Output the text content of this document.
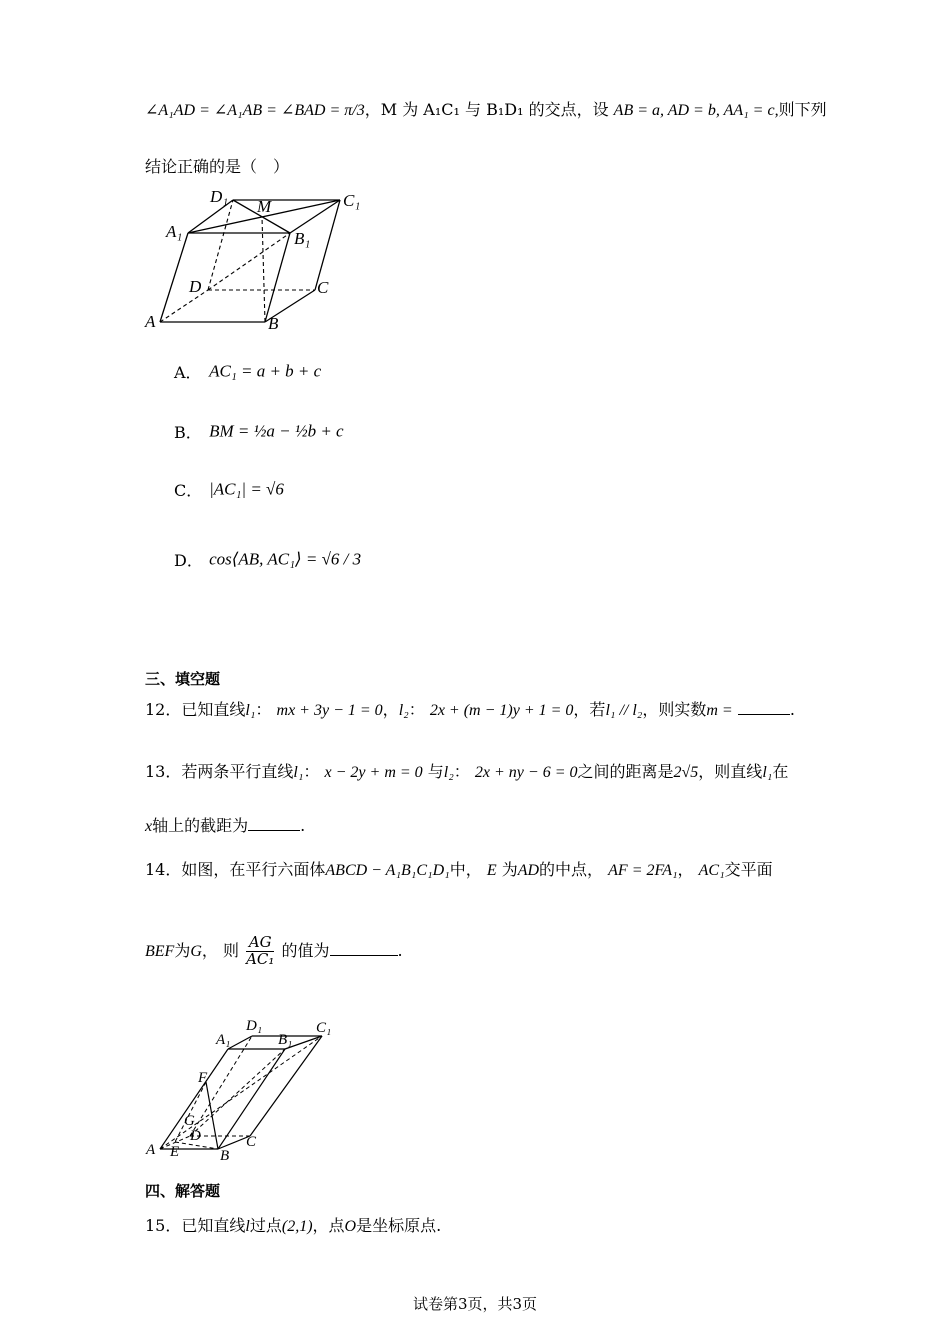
∠A₁AD = ∠A₁AB = ∠BAD = π/3，M 为 A₁C₁ 与 B₁D₁ 的交点，设 AB = a, AD = b, AA₁ = c,则下列
结论正确的是（　）
D₁
M	C₁
A₁	B₁
D	C
A	B
A． AC₁ = a + b + c
B． BM = ½a − ½b + c
C． |AC₁| = √6
D． cos⟨AB, AC₁⟩ = √6 / 3
三、填空题
12．已知直线l₁： mx + 3y − 1 = 0，l₂： 2x + (m − 1)y + 1 = 0，若l₁ // l₂，则实数m =	.
13．若两条平行直线l₁： x − 2y + m = 0 与l₂： 2x + ny − 6 = 0之间的距离是2√5，则直线l₁在
x轴上的截距为	.
14．如图，在平行六面体ABCD − A₁B₁C₁D₁中， E 为AD的中点， AF = 2FA₁， AC₁交平面
BEF为G， 则 $\frac{AG}{\text{AC₁}}$ 的值为	.
A₁
D₁
B₁
C₁
F
G
D
A E	B
C
四、解答题
15．已知直线l过点(2,1)，点O是坐标原点.
试卷第3页，共3页
